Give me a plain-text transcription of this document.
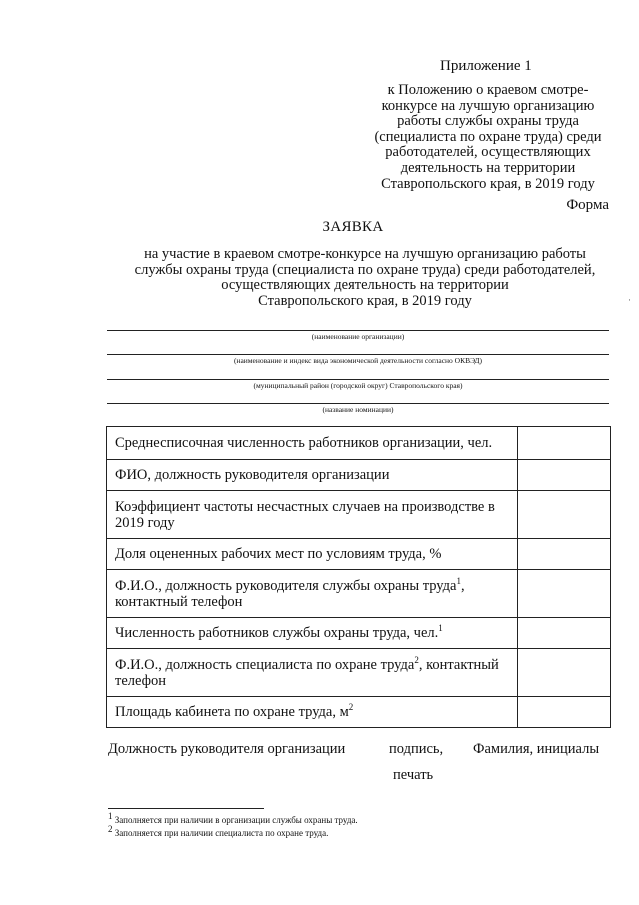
Приложение 1
к Положению о краевом смотре-
конкурсе на лучшую организацию
работы службы охраны труда
(специалиста по охране труда) среди
работодателей, осуществляющих
деятельность на территории
Ставропольского края, в 2019 году
Форма
ЗАЯВКА
на участие в краевом смотре-конкурсе на лучшую организацию работы
службы охраны труда (специалиста по охране труда) среди работодателей,
осуществляющих деятельность на территории
Ставропольского края, в 2019 году	·
(наименование организации)
(наименование и индекс вида экономической деятельности согласно ОКВЭД)
(муниципальный район (городской округ) Ставропольского края)
(название номинации)
Среднесписочная численность работников организации, чел.	
ФИО, должность руководителя организации	
Коэффициент частоты несчастных случаев на производстве в 2019 году	
Доля оцененных рабочих мест по условиям труда, %	
Ф.И.О., должность руководителя службы охраны труда$^1$, контактный телефон	
Численность работников службы охраны труда, чел.$^1$	
Ф.И.О., должность специалиста по охране труда$^2$, контактный телефон	
Площадь кабинета по охране труда, $м^2$	
Должность руководителя организации	подпись, Фамилия, инициалы
печать
$^1$ Заполняется при наличии в организации службы охраны труда.
$^2$ Заполняется при наличии специалиста по охране труда.
